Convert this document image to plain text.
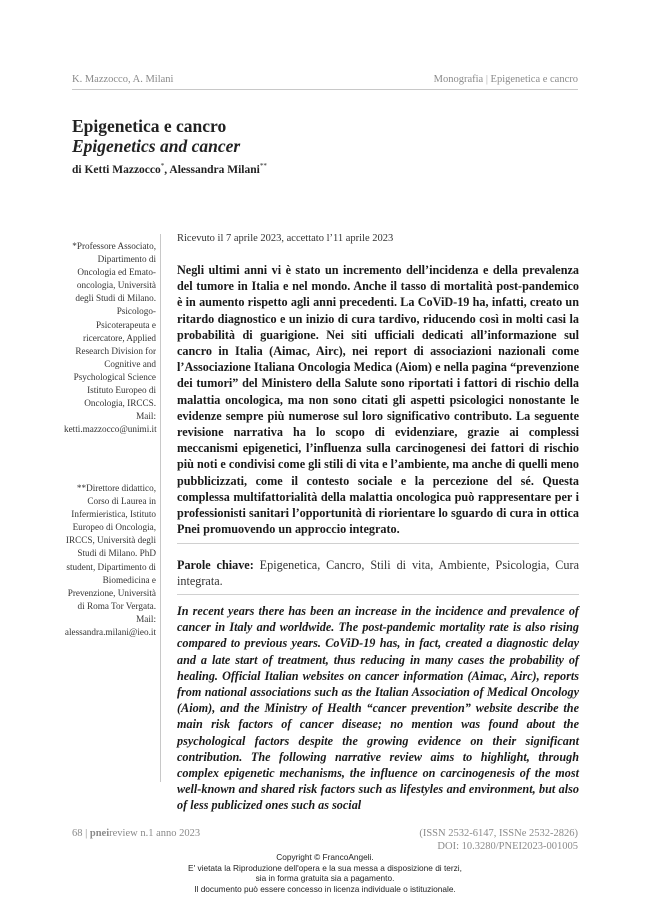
K. Mazzocco, A. Milani	Monografia | Epigenetica e cancro
Epigenetica e cancro
Epigenetics and cancer
di Ketti Mazzocco*, Alessandra Milani**
*Professore Associato, Dipartimento di Oncologia ed Emato-oncologia, Università degli Studi di Milano. Psicologo-Psicoterapeuta e ricercatore, Applied Research Division for Cognitive and Psychological Science Istituto Europeo di Oncologia, IRCCS. Mail: ketti.mazzocco@unimi.it
**Direttore didattico, Corso di Laurea in Infermieristica, Istituto Europeo di Oncologia, IRCCS, Università degli Studi di Milano. PhD student, Dipartimento di Biomedicina e Prevenzione, Università di Roma Tor Vergata. Mail: alessandra.milani@ieo.it
Ricevuto il 7 aprile 2023, accettato l’11 aprile 2023
Negli ultimi anni vi è stato un incremento dell’incidenza e della prevalenza del tumore in Italia e nel mondo. Anche il tasso di mortalità post-pandemico è in aumento rispetto agli anni precedenti. La CoViD-19 ha, infatti, creato un ritardo diagnostico e un inizio di cura tardivo, riducendo così in molti casi la probabilità di guarigione. Nei siti ufficiali dedicati all’informazione sul cancro in Italia (Aimac, Airc), nei report di associazioni nazionali come l’Associazione Italiana Oncologia Medica (Aiom) e nella pagina “prevenzione dei tumori” del Ministero della Salute sono riportati i fattori di rischio della malattia oncologica, ma non sono citati gli aspetti psicologici nonostante le evidenze sempre più numerose sul loro significativo contributo. La seguente revisione narrativa ha lo scopo di evidenziare, grazie ai complessi meccanismi epigenetici, l’influenza sulla carcinogenesi dei fattori di rischio più noti e condivisi come gli stili di vita e l’ambiente, ma anche di quelli meno pubblicizzati, come il contesto sociale e la percezione del sé. Questa complessa multifattorialità della malattia oncologica può rappresentare per i professionisti sanitari l’opportunità di riorientare lo sguardo di cura in ottica Pnei promuovendo un approccio integrato.
Parole chiave: Epigenetica, Cancro, Stili di vita, Ambiente, Psicologia, Cura integrata.
In recent years there has been an increase in the incidence and prevalence of cancer in Italy and worldwide. The post-pandemic mortality rate is also rising compared to previous years. CoViD-19 has, in fact, created a diagnostic delay and a late start of treatment, thus reducing in many cases the probability of healing. Official Italian websites on cancer information (Aimac, Airc), reports from national associations such as the Italian Association of Medical Oncology (Aiom), and the Ministry of Health “cancer prevention” website describe the main risk factors of cancer disease; no mention was found about the psychological factors despite the growing evidence on their significant contribution. The following narrative review aims to highlight, through complex epigenetic mechanisms, the influence on carcinogenesis of the most well-known and shared risk factors such as lifestyles and environment, but also of less publicized ones such as social
68 | pneireview n.1 anno 2023	(ISSN 2532-6147, ISSNe 2532-2826)
DOI: 10.3280/PNEI2023-001005
Copyright © FrancoAngeli.
E' vietata la Riproduzione dell'opera e la sua messa a disposizione di terzi,
sia in forma gratuita sia a pagamento.
Il documento può essere concesso in licenza individuale o istituzionale.
